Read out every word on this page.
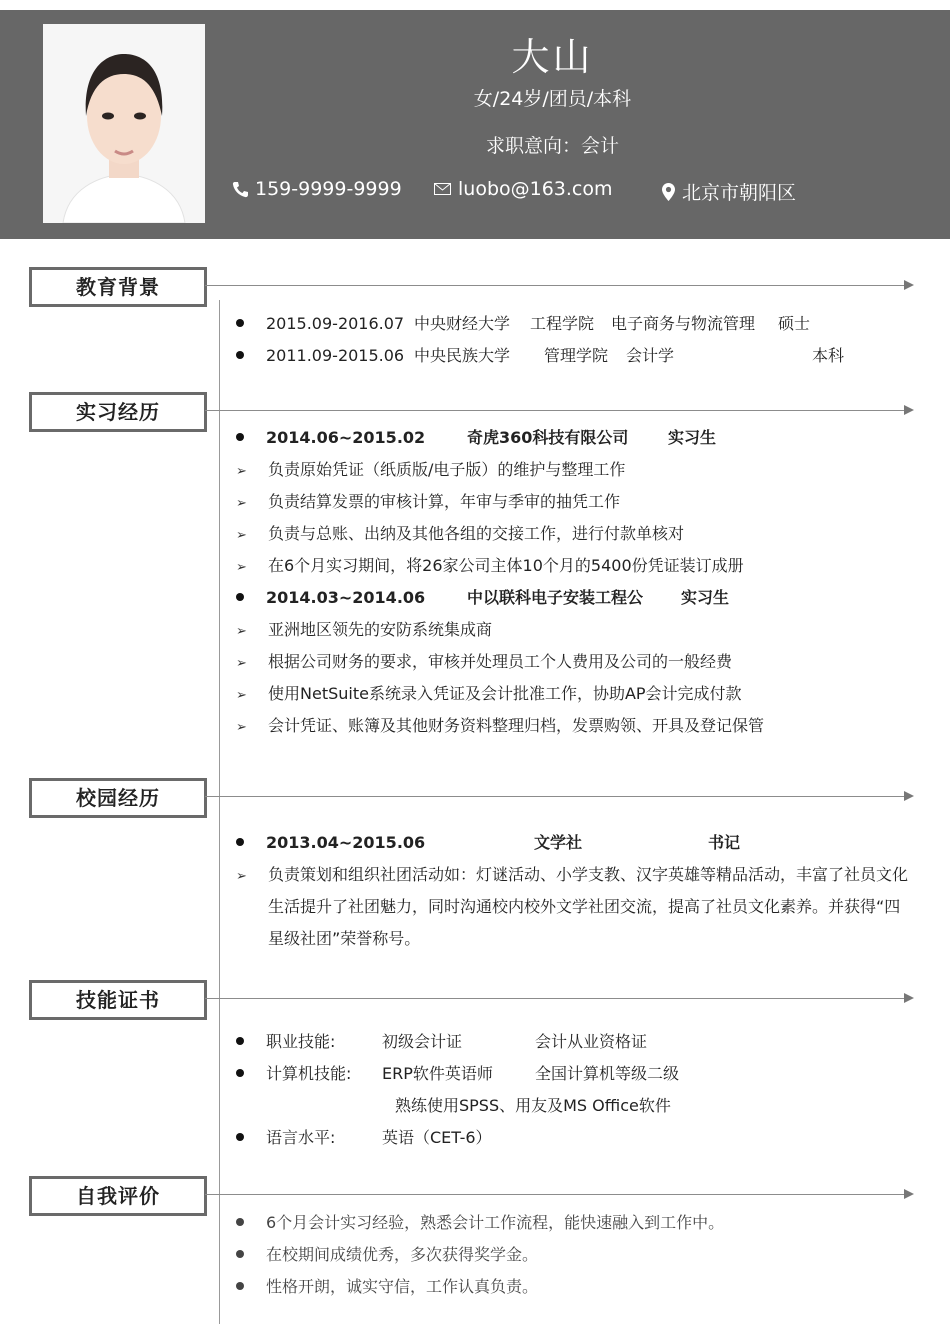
大山
女/24岁/团员/本科
求职意向：会计
159-9999-9999	luobo@163.com	北京市朝阳区
教育背景
2015.09-2016.07 中央财经大学 工程学院 电子商务与物流管理 硕士
2011.09-2015.06 中央民族大学 管理学院 会计学	本科
实习经历
2014.06~2015.02	奇虎360科技有限公司 实习生
➢ 负责原始凭证（纸质版/电子版）的维护与整理工作
➢ 负责结算发票的审核计算，年审与季审的抽凭工作
➢ 负责与总账、出纳及其他各组的交接工作，进行付款单核对
➢ 在6个月实习期间，将26家公司主体10个月的5400份凭证装订成册
2014.03~2014.06	中以联科电子安装工程公 实习生
➢ 亚洲地区领先的安防系统集成商
➢ 根据公司财务的要求，审核并处理员工个人费用及公司的一般经费
➢ 使用NetSuite系统录入凭证及会计批准工作，协助AP会计完成付款
➢ 会计凭证、账簿及其他财务资料整理归档，发票购领、开具及登记保管
校园经历
2013.04~2015.06	文学社	书记
➢	负责策划和组织社团活动如：灯谜活动、小学支教、汉字英雄等精品活动，丰富了社员文化生活提升了社团魅力，同时沟通校内校外文学社团交流，提高了社员文化素养。并获得“四星级社团”荣誉称号。
技能证书
职业技能:	初级会计证	会计从业资格证
计算机技能: ERP软件英语师	全国计算机等级二级
熟练使用SPSS、用友及MS Office软件
语言水平:	英语（CET-6）
自我评价
6个月会计实习经验，熟悉会计工作流程，能快速融入到工作中。
在校期间成绩优秀，多次获得奖学金。
性格开朗，诚实守信，工作认真负责。
